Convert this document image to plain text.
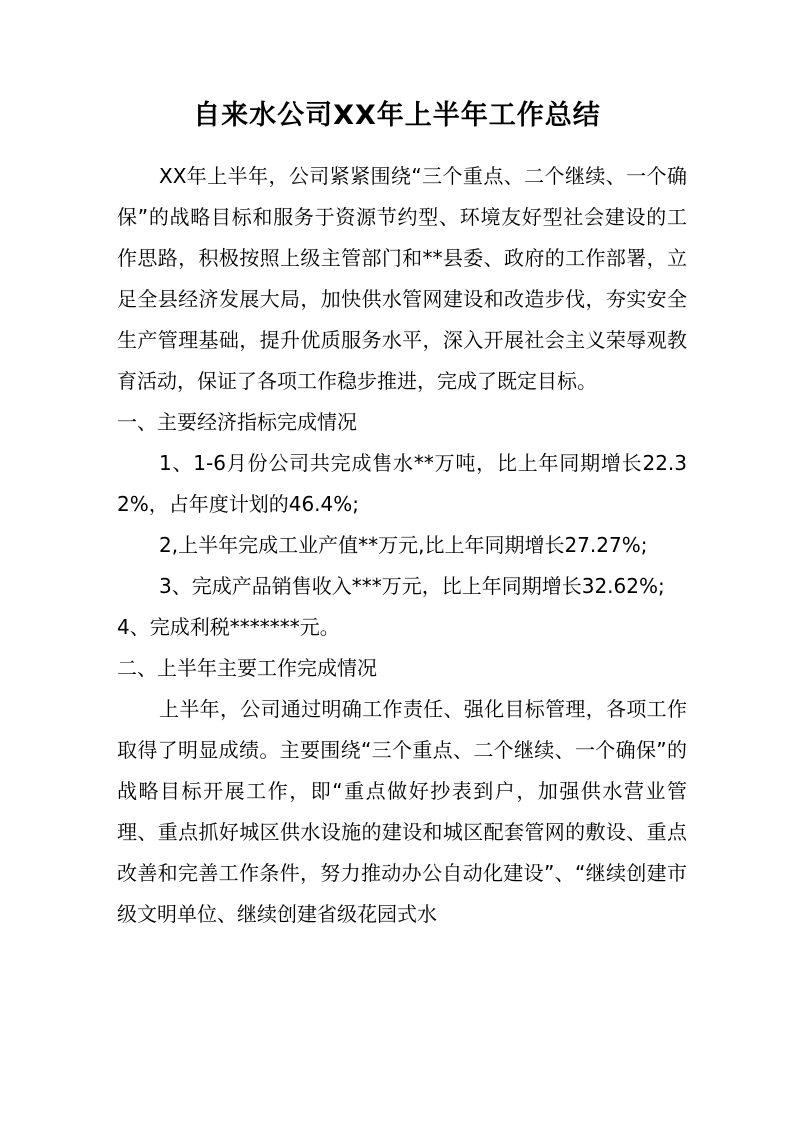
自来水公司XX年上半年工作总结

XX年上半年，公司紧紧围绕“三个重点、二个继续、一个确保”的战略目标和服务于资源节约型、环境友好型社会建设的工作思路，积极按照上级主管部门和**县委、政府的工作部署，立足全县经济发展大局，加快供水管网建设和改造步伐，夯实安全生产管理基础，提升优质服务水平，深入开展社会主义荣辱观教育活动，保证了各项工作稳步推进，完成了既定目标。

一、主要经济指标完成情况

1、1-6月份公司共完成售水**万吨，比上年同期增长22.32%，占年度计划的46.4%;

2,上半年完成工业产值**万元,比上年同期增长27.27%;

3、完成产品销售收入***万元，比上年同期增长32.62%;

4、完成利税*******元。

二、上半年主要工作完成情况

上半年，公司通过明确工作责任、强化目标管理，各项工作取得了明显成绩。主要围绕“三个重点、二个继续、一个确保”的战略目标开展工作，即“重点做好抄表到户，加强供水营业管理、重点抓好城区供水设施的建设和城区配套管网的敷设、重点改善和完善工作条件，努力推动办公自动化建设”、“继续创建市级文明单位、继续创建省级花园式水
